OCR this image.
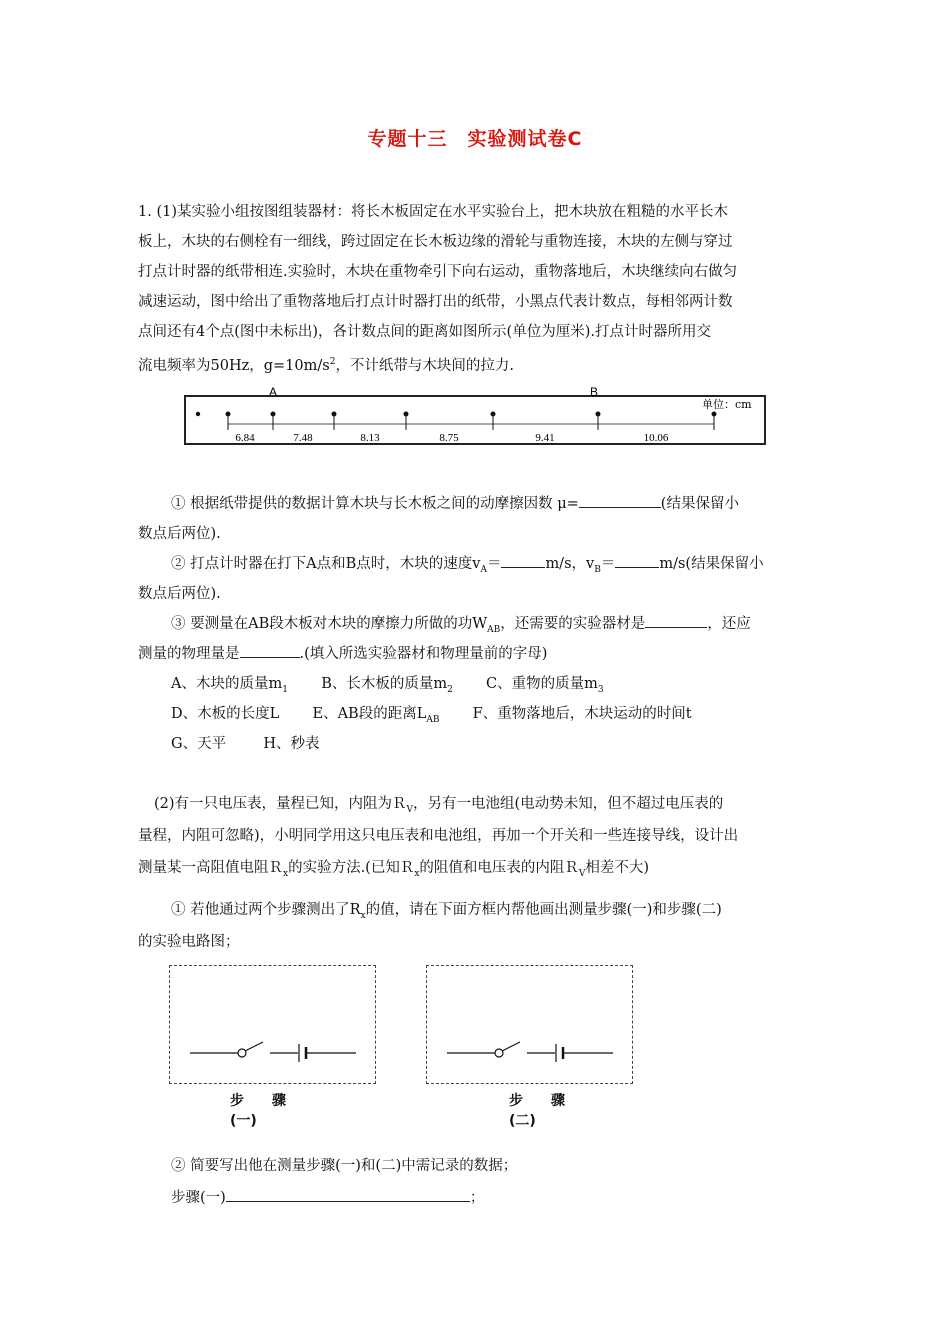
专题十三　实验测试卷C
1. (1)某实验小组按图组装器材：将长木板固定在水平实验台上，把木块放在粗糙的水平长木
板上，木块的右侧栓有一细线，跨过固定在长木板边缘的滑轮与重物连接，木块的左侧与穿过
打点计时器的纸带相连.实验时，木块在重物牵引下向右运动，重物落地后，木块继续向右做匀
减速运动，图中给出了重物落地后打点计时器打出的纸带，小黑点代表计数点，每相邻两计数
点间还有4个点(图中未标出)，各计数点间的距离如图所示(单位为厘米).打点计时器所用交
流电频率为50Hz，$g=10m/s^2$，不计纸带与木块间的拉力.
A	B
单位：cm
6.84	7.48	8.13	8.75	9.41	10.06
① 根据纸带提供的数据计算木块与长木板之间的动摩擦因数 μ=	(结果保留小
数点后两位).
② 打点计时器在打下A点和B点时，木块的速度$v_A=$	m/s，$v_B=$	m/s(结果保留小
数点后两位).
③ 要测量在AB段木板对木块的摩擦力所做的功$W_{AB}$，还需要的实验器材是	，还应
测量的物理量是	.(填入所选实验器材和物理量前的字母)
A、木块的质量$m_1$ B、长木板的质量$m_2$ C、重物的质量$m_3$
D、木板的长度L E、AB段的距离$L_{AB}$ F、重物落地后，木块运动的时间t
G、天平	H、秒表
(2)有一只电压表，量程已知，内阻为Ｒ$_V$，另有一电池组(电动势未知，但不超过电压表的
量程，内阻可忽略)，小明同学用这只电压表和电池组，再加一个开关和一些连接导线，设计出
测量某一高阻值电阻Ｒ$_x$的实验方法.(已知Ｒ$_x$的阻值和电压表的内阻Ｒ$_V$相差不大)
① 若他通过两个步骤测出了$R_x$的值，请在下面方框内帮他画出测量步骤(一)和步骤(二)
的实验电路图；
步　　骤
(一)
步　　骤
(二)
② 简要写出他在测量步骤(一)和(二)中需记录的数据；
步骤(一)	；
